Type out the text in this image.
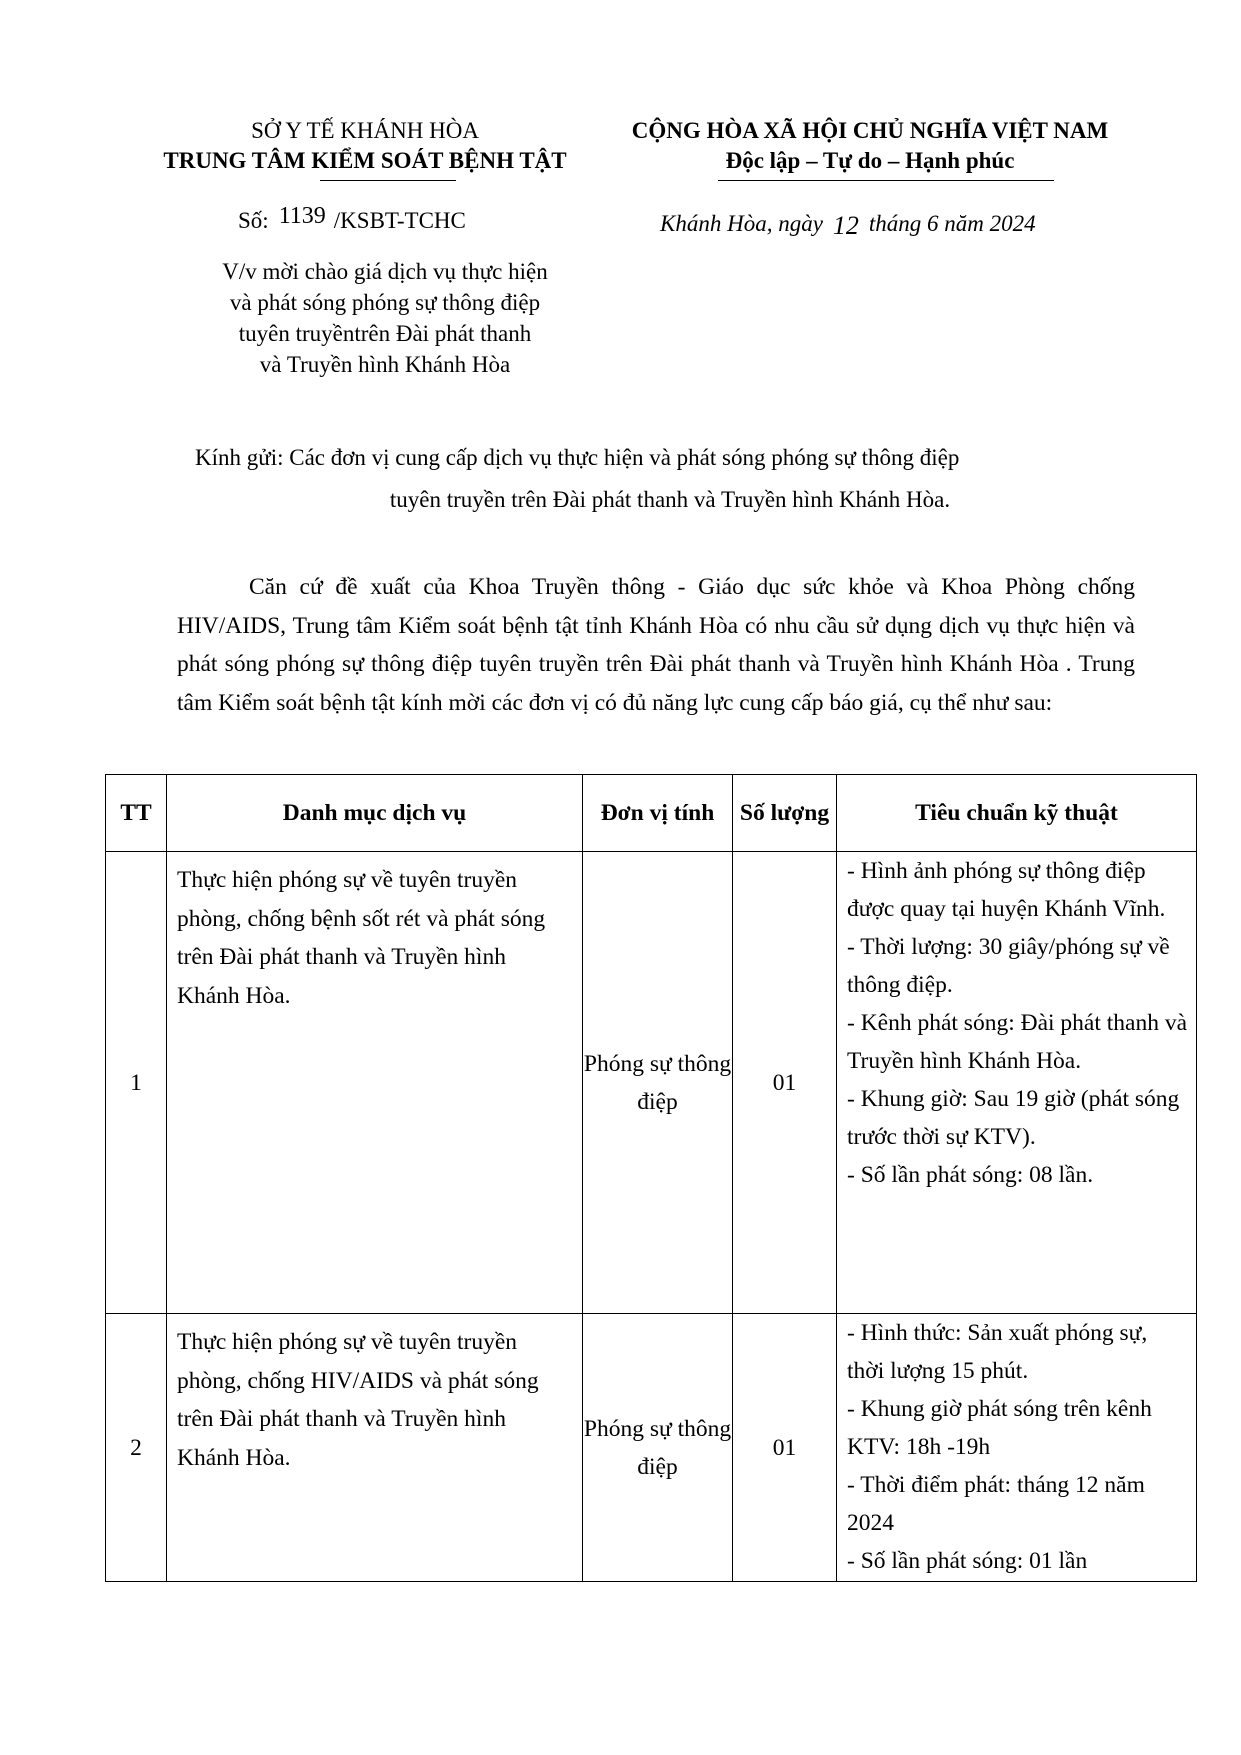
SỞ Y TẾ KHÁNH HÒA
TRUNG TÂM KIỂM SOÁT BỆNH TẬT
CỘNG HÒA XÃ HỘI CHỦ NGHĨA VIỆT NAM
Độc lập – Tự do – Hạnh phúc
Số: 1139 /KSBT-TCHC	Khánh Hòa, ngày 12 tháng 6 năm 2024
V/v mời chào giá dịch vụ thực hiện
và phát sóng phóng sự thông điệp
tuyên truyềntrên Đài phát thanh
và Truyền hình Khánh Hòa
Kính gửi: Các đơn vị cung cấp dịch vụ thực hiện và phát sóng phóng sự thông điệp
tuyên truyền trên Đài phát thanh và Truyền hình Khánh Hòa.
Căn cứ đề xuất của Khoa Truyền thông - Giáo dục sức khỏe và Khoa Phòng chống HIV/AIDS, Trung tâm Kiểm soát bệnh tật tỉnh Khánh Hòa có nhu cầu sử dụng dịch vụ thực hiện và phát sóng phóng sự thông điệp tuyên truyền trên Đài phát thanh và Truyền hình Khánh Hòa . Trung tâm Kiểm soát bệnh tật kính mời các đơn vị có đủ năng lực cung cấp báo giá, cụ thể như sau:
TT	Danh mục dịch vụ	Đơn vị tính	Số lượng	Tiêu chuẩn kỹ thuật
1	Thực hiện phóng sự về tuyên truyền phòng, chống bệnh sốt rét và phát sóng trên Đài phát thanh và Truyền hình Khánh Hòa.	Phóng sự thông điệp	01	- Hình ảnh phóng sự thông điệp được quay tại huyện Khánh Vĩnh.
- Thời lượng: 30 giây/phóng sự về thông điệp.
- Kênh phát sóng: Đài phát thanh và Truyền hình Khánh Hòa.
- Khung giờ: Sau 19 giờ (phát sóng trước thời sự KTV).
- Số lần phát sóng: 08 lần.

2	Thực hiện phóng sự về tuyên truyền phòng, chống HIV/AIDS và phát sóng trên Đài phát thanh và Truyền hình Khánh Hòa.	Phóng sự thông điệp	01	- Hình thức: Sản xuất phóng sự, thời lượng 15 phút.
- Khung giờ phát sóng trên kênh KTV: 18h -19h
- Thời điểm phát: tháng 12 năm 2024
- Số lần phát sóng: 01 lần
